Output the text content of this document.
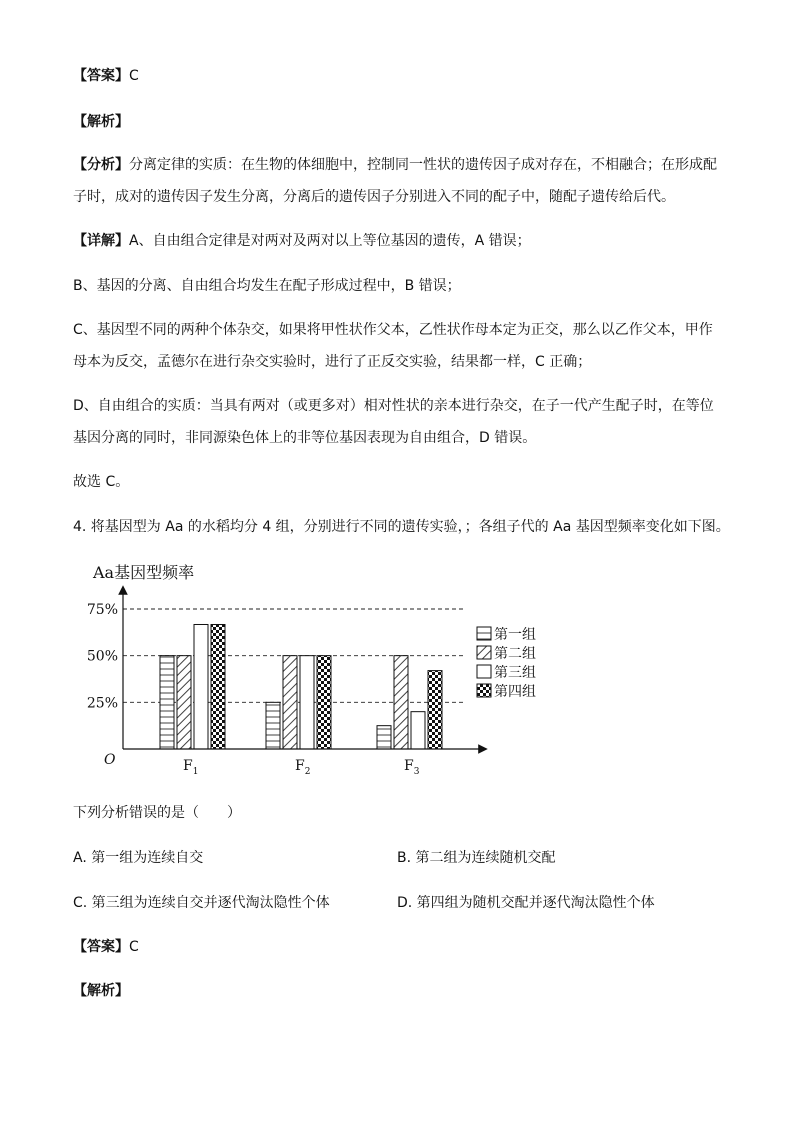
【答案】C
【解析】
【分析】分离定律的实质：在生物的体细胞中，控制同一性状的遗传因子成对存在，不相融合；在形成配
子时，成对的遗传因子发生分离，分离后的遗传因子分别进入不同的配子中，随配子遗传给后代。
【详解】A、自由组合定律是对两对及两对以上等位基因的遗传，A 错误；
B、基因的分离、自由组合均发生在配子形成过程中，B 错误；
C、基因型不同的两种个体杂交，如果将甲性状作父本，乙性状作母本定为正交，那么以乙作父本，甲作
母本为反交，孟德尔在进行杂交实验时，进行了正反交实验，结果都一样，C 正确；
D、自由组合的实质：当具有两对（或更多对）相对性状的亲本进行杂交，在子一代产生配子时，在等位
基因分离的同时，非同源染色体上的非等位基因表现为自由组合，D 错误。
故选 C。
4. 将基因型为 Aa 的水稻均分 4 组，分别进行不同的遗传实验，；各组子代的 Aa 基因型频率变化如下图。
Aa基因型频率
O
25%
50%
75%
$F_1$	$F_2$	$F_3$
第一组
第二组
第三组
第四组
下列分析错误的是（　　）
A. 第一组为连续自交	B. 第二组为连续随机交配
C. 第三组为连续自交并逐代淘汰隐性个体	D. 第四组为随机交配并逐代淘汰隐性个体
【答案】C
【解析】
